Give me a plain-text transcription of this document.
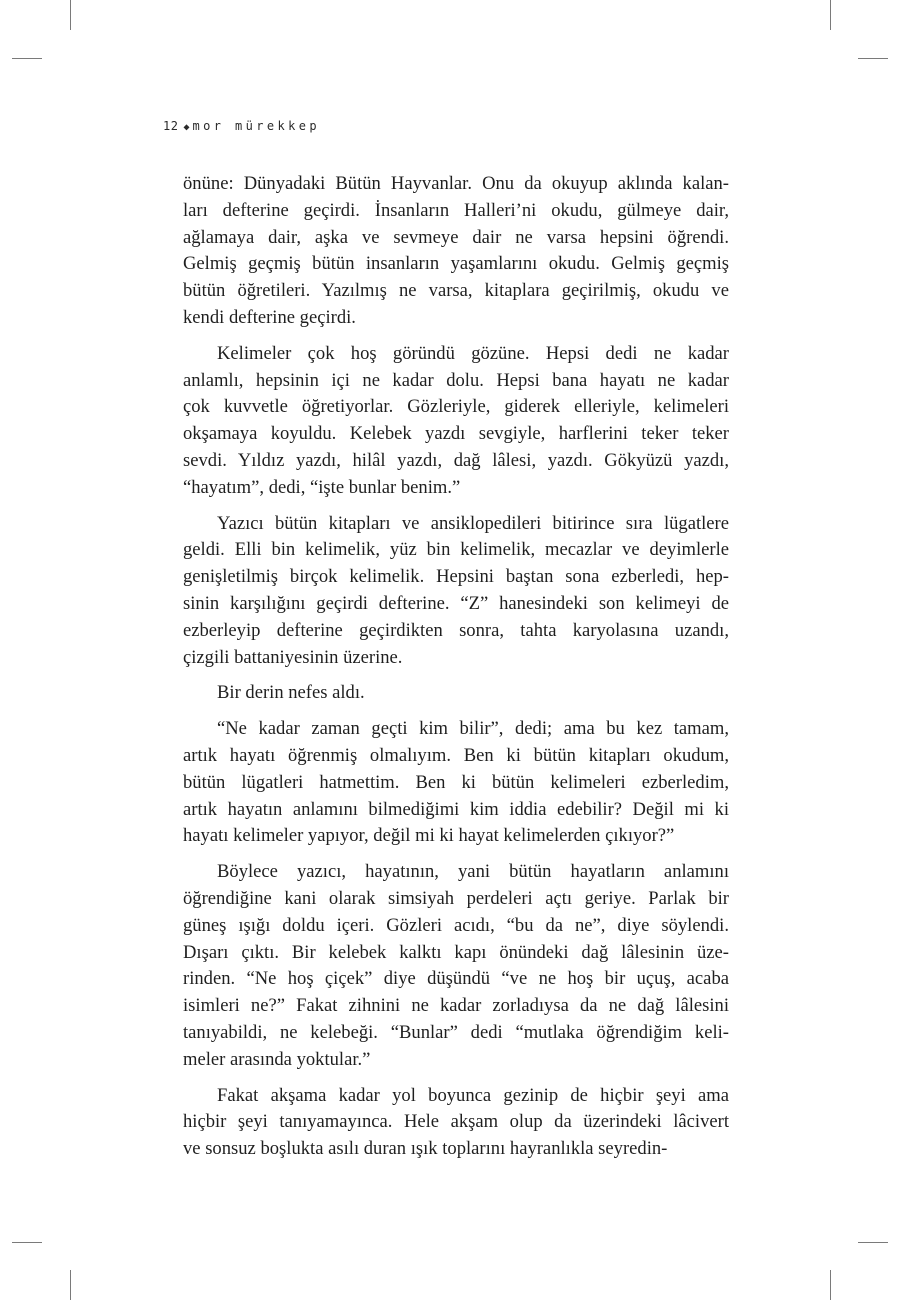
12 ◆ mor mürekkep
önüne: Dünyadaki Bütün Hayvanlar. Onu da okuyup aklında kalan-
ları defterine geçirdi. İnsanların Halleri’ni okudu, gülmeye dair,
ağlamaya dair, aşka ve sevmeye dair ne varsa hepsini öğrendi.
Gelmiş geçmiş bütün insanların yaşamlarını okudu. Gelmiş geçmiş
bütün öğretileri. Yazılmış ne varsa, kitaplara geçirilmiş, okudu ve
kendi defterine geçirdi.
Kelimeler çok hoş göründü gözüne. Hepsi dedi ne kadar
anlamlı, hepsinin içi ne kadar dolu. Hepsi bana hayatı ne kadar
çok kuvvetle öğretiyorlar. Gözleriyle, giderek elleriyle, kelimeleri
okşamaya koyuldu. Kelebek yazdı sevgiyle, harflerini teker teker
sevdi. Yıldız yazdı, hilâl yazdı, dağ lâlesi, yazdı. Gökyüzü yazdı,
“hayatım”, dedi, “işte bunlar benim.”
Yazıcı bütün kitapları ve ansiklopedileri bitirince sıra lügatlere
geldi. Elli bin kelimelik, yüz bin kelimelik, mecazlar ve deyimlerle
genişletilmiş birçok kelimelik. Hepsini baştan sona ezberledi, hep-
sinin karşılığını geçirdi defterine. “Z” hanesindeki son kelimeyi de
ezberleyip defterine geçirdikten sonra, tahta karyolasına uzandı,
çizgili battaniyesinin üzerine.
Bir derin nefes aldı.
“Ne kadar zaman geçti kim bilir”, dedi; ama bu kez tamam,
artık hayatı öğrenmiş olmalıyım. Ben ki bütün kitapları okudum,
bütün lügatleri hatmettim. Ben ki bütün kelimeleri ezberledim,
artık hayatın anlamını bilmediğimi kim iddia edebilir? Değil mi ki
hayatı kelimeler yapıyor, değil mi ki hayat kelimelerden çıkıyor?”
Böylece yazıcı, hayatının, yani bütün hayatların anlamını
öğrendiğine kani olarak simsiyah perdeleri açtı geriye. Parlak bir
güneş ışığı doldu içeri. Gözleri acıdı, “bu da ne”, diye söylendi.
Dışarı çıktı. Bir kelebek kalktı kapı önündeki dağ lâlesinin üze-
rinden. “Ne hoş çiçek” diye düşündü “ve ne hoş bir uçuş, acaba
isimleri ne?” Fakat zihnini ne kadar zorladıysa da ne dağ lâlesini
tanıyabildi, ne kelebeği. “Bunlar” dedi “mutlaka öğrendiğim keli-
meler arasında yoktular.”
Fakat akşama kadar yol boyunca gezinip de hiçbir şeyi ama
hiçbir şeyi tanıyamayınca. Hele akşam olup da üzerindeki lâcivert
ve sonsuz boşlukta asılı duran ışık toplarını hayranlıkla seyredin-
